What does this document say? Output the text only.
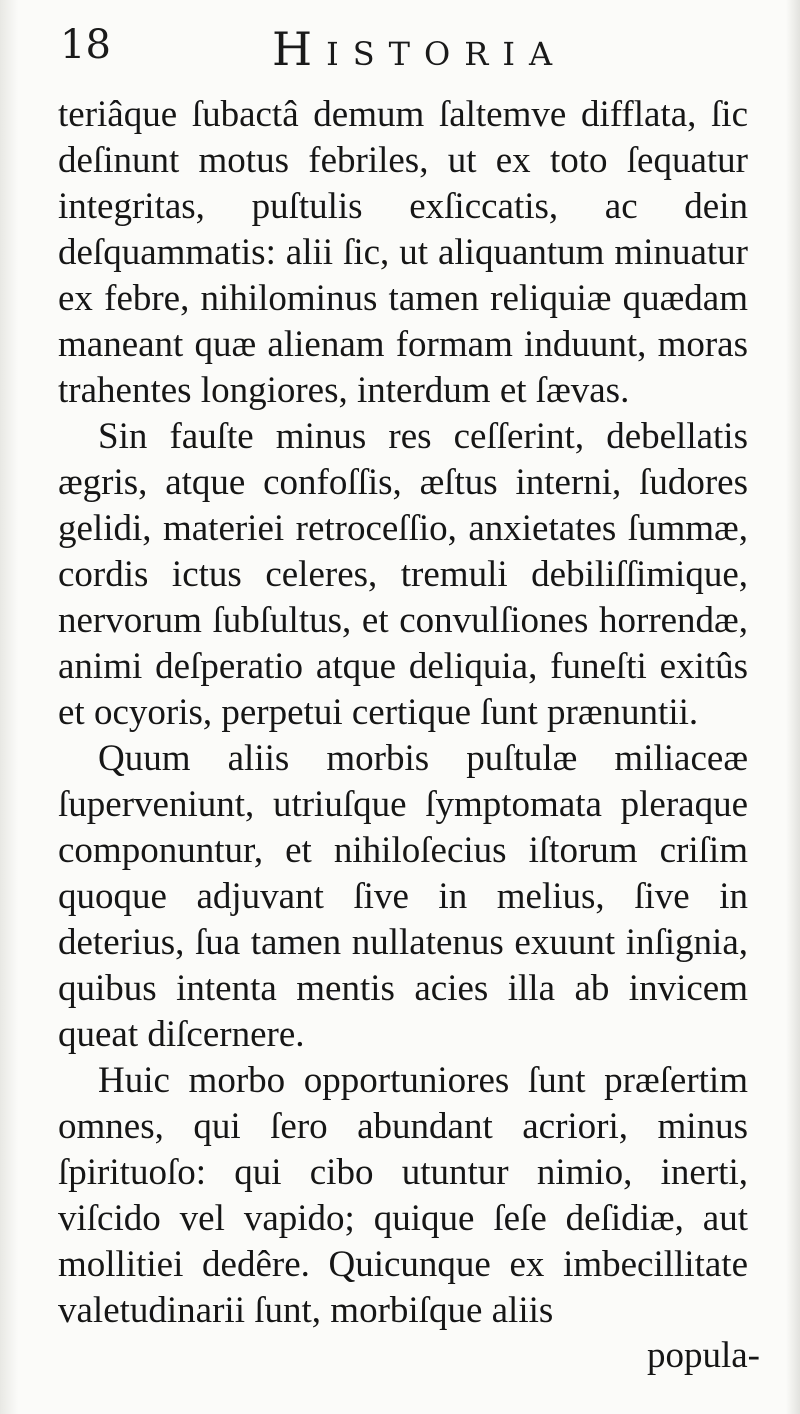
18	Historia

teriâque ſubactâ demum ſaltemve difflata, ſic deſinunt motus febriles, ut ex toto ſequatur integritas, puſtulis exſiccatis, ac dein deſquammatis: alii ſic, ut aliquantum minuatur ex febre, nihilominus tamen reliquiæ quædam maneant quæ alienam formam induunt, moras trahentes longiores, interdum et ſævas.

Sin fauſte minus res ceſſerint, debellatis ægris, atque confoſſis, æſtus interni, ſudores gelidi, materiei retroceſſio, anxietates ſummæ, cordis ictus celeres, tremuli debiliſſimique, nervorum ſubſultus, et convulſiones horrendæ, animi deſperatio atque deliquia, funeſti exitûs et ocyoris, perpetui certique ſunt prænuntii.

Quum aliis morbis puſtulæ miliaceæ ſuperveniunt, utriuſque ſymptomata pleraque componuntur, et nihiloſecius iſtorum criſim quoque adjuvant ſive in melius, ſive in deterius, ſua tamen nullatenus exuunt inſignia, quibus intenta mentis acies illa ab invicem queat diſcernere.

Huic morbo opportuniores ſunt præſertim omnes, qui ſero abundant acriori, minus ſpirituoſo: qui cibo utuntur nimio, inerti, viſcido vel vapido; quique ſeſe deſidiæ, aut mollitiei dedêre. Quicunque ex imbecillitate valetudinarii ſunt, morbiſque aliis

popula-
